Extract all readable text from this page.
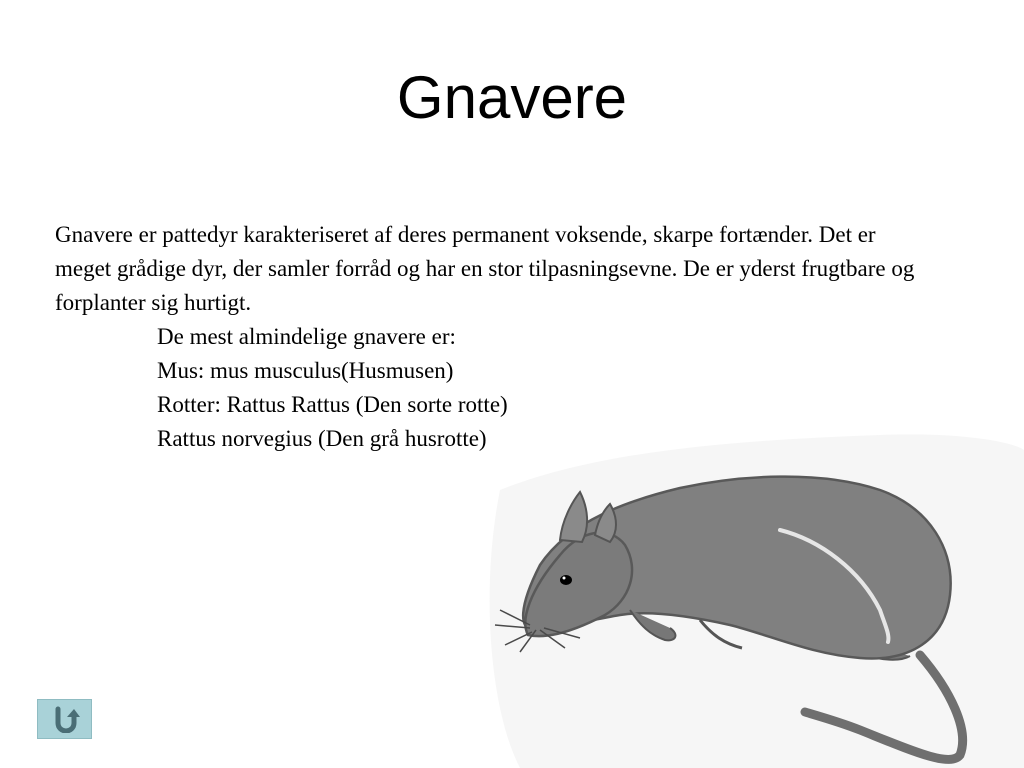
Gnavere

Gnavere er pattedyr karakteriseret af deres permanent voksende, skarpe fortænder. Det er meget grådige dyr, der samler forråd og har en stor tilpasningsevne. De er yderst frugtbare og forplanter sig hurtigt.

De mest almindelige gnavere er:

Mus: mus musculus(Husmusen)

Rotter: Rattus Rattus (Den sorte rotte)

Rattus norvegius (Den grå husrotte)
